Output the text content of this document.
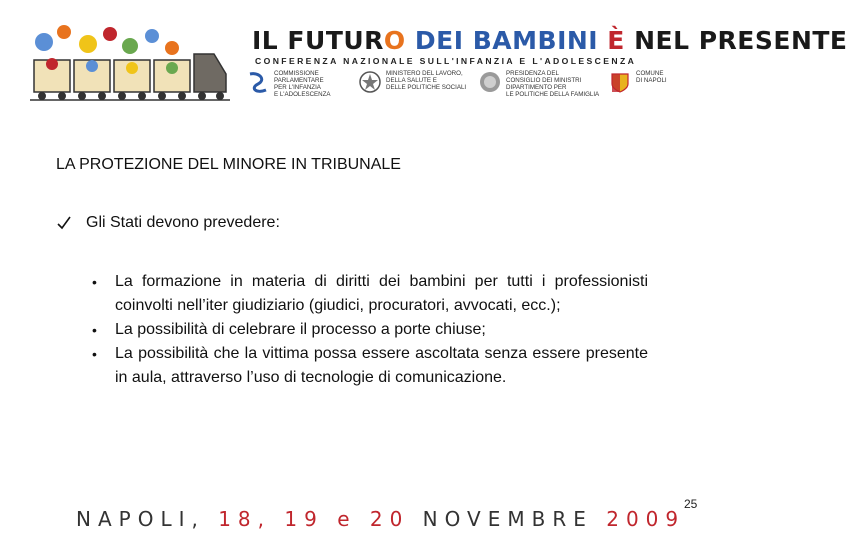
IL FUTURO DEI BAMBINI È NEL PRESENTE
CONFERENZA NAZIONALE SULL'INFANZIA E L'ADOLESCENZA
COMMISSIONE
PARLAMENTARE
PER L'INFANZIA
E L'ADOLESCENZA
MINISTERO DEL LAVORO,
DELLA SALUTE E
DELLE POLITICHE SOCIALI
PRESIDENZA DEL
CONSIGLIO DEI MINISTRI
DIPARTIMENTO PER
LE POLITICHE DELLA FAMIGLIA
COMUNE
DI NAPOLI
LA PROTEZIONE DEL MINORE IN TRIBUNALE
Gli Stati devono prevedere:
• La formazione in materia di diritti dei bambini per tutti i professionisti coinvolti nell’iter giudiziario (giudici, procuratori, avvocati, ecc.);
• La possibilità di celebrare il processo a porte chiuse;
• La possibilità che la vittima possa essere ascoltata senza essere presente in aula, attraverso l’uso di tecnologie di comunicazione.
NAPOLI, 18, 19 e 20 NOVEMBRE 2009
25
